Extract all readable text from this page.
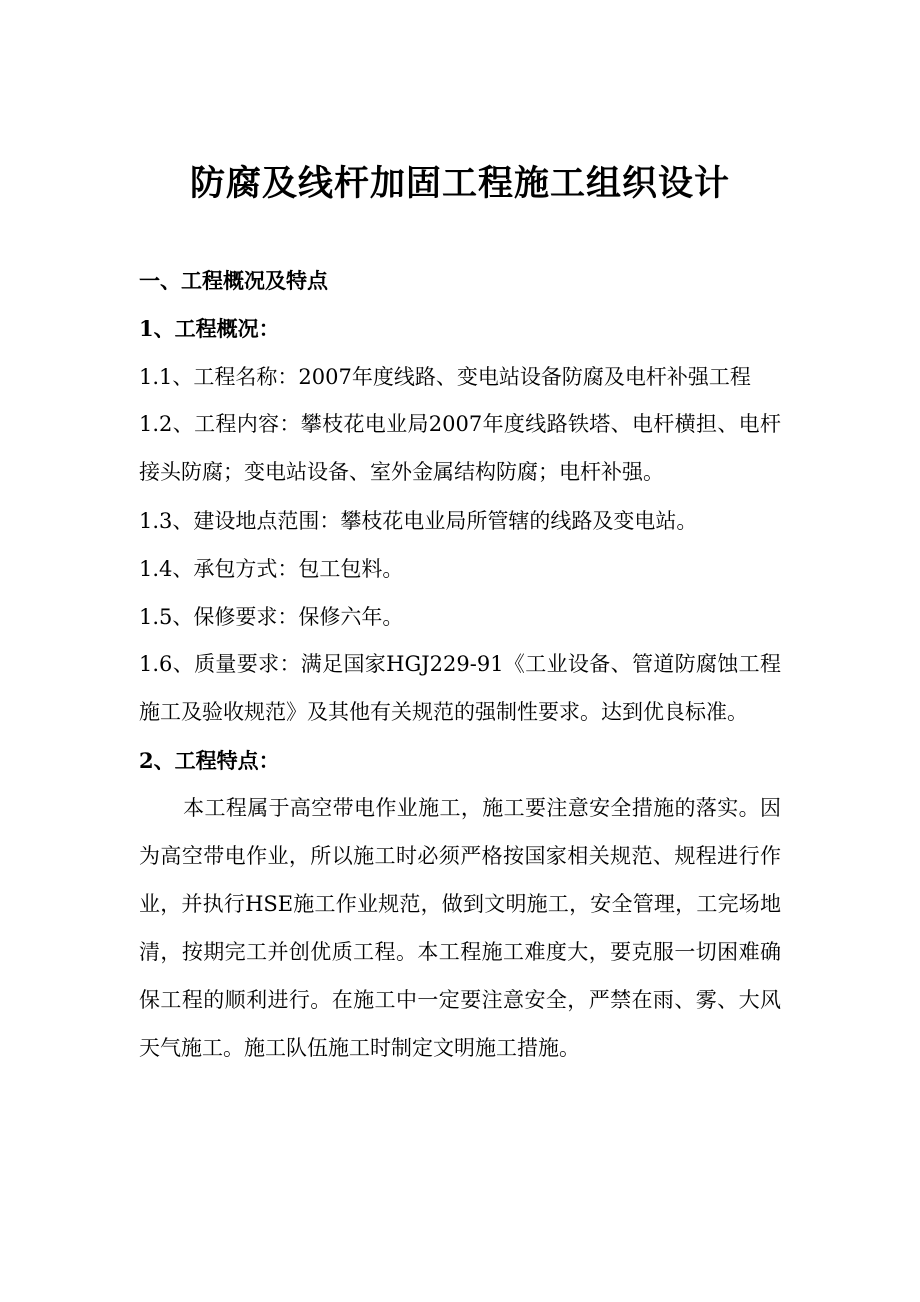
防腐及线杆加固工程施工组织设计
一、工程概况及特点
1、工程概况：
1.1、工程名称：2007年度线路、变电站设备防腐及电杆补强工程
1.2、工程内容：攀枝花电业局2007年度线路铁塔、电杆横担、电杆接头防腐；变电站设备、室外金属结构防腐；电杆补强。
1.3、建设地点范围：攀枝花电业局所管辖的线路及变电站。
1.4、承包方式：包工包料。
1.5、保修要求：保修六年。
1.6、质量要求：满足国家HGJ229-91《工业设备、管道防腐蚀工程施工及验收规范》及其他有关规范的强制性要求。达到优良标准。
2、工程特点：
本工程属于高空带电作业施工，施工要注意安全措施的落实。因为高空带电作业，所以施工时必须严格按国家相关规范、规程进行作业，并执行HSE施工作业规范，做到文明施工，安全管理，工完场地清，按期完工并创优质工程。本工程施工难度大，要克服一切困难确保工程的顺利进行。在施工中一定要注意安全，严禁在雨、雾、大风天气施工。施工队伍施工时制定文明施工措施。
